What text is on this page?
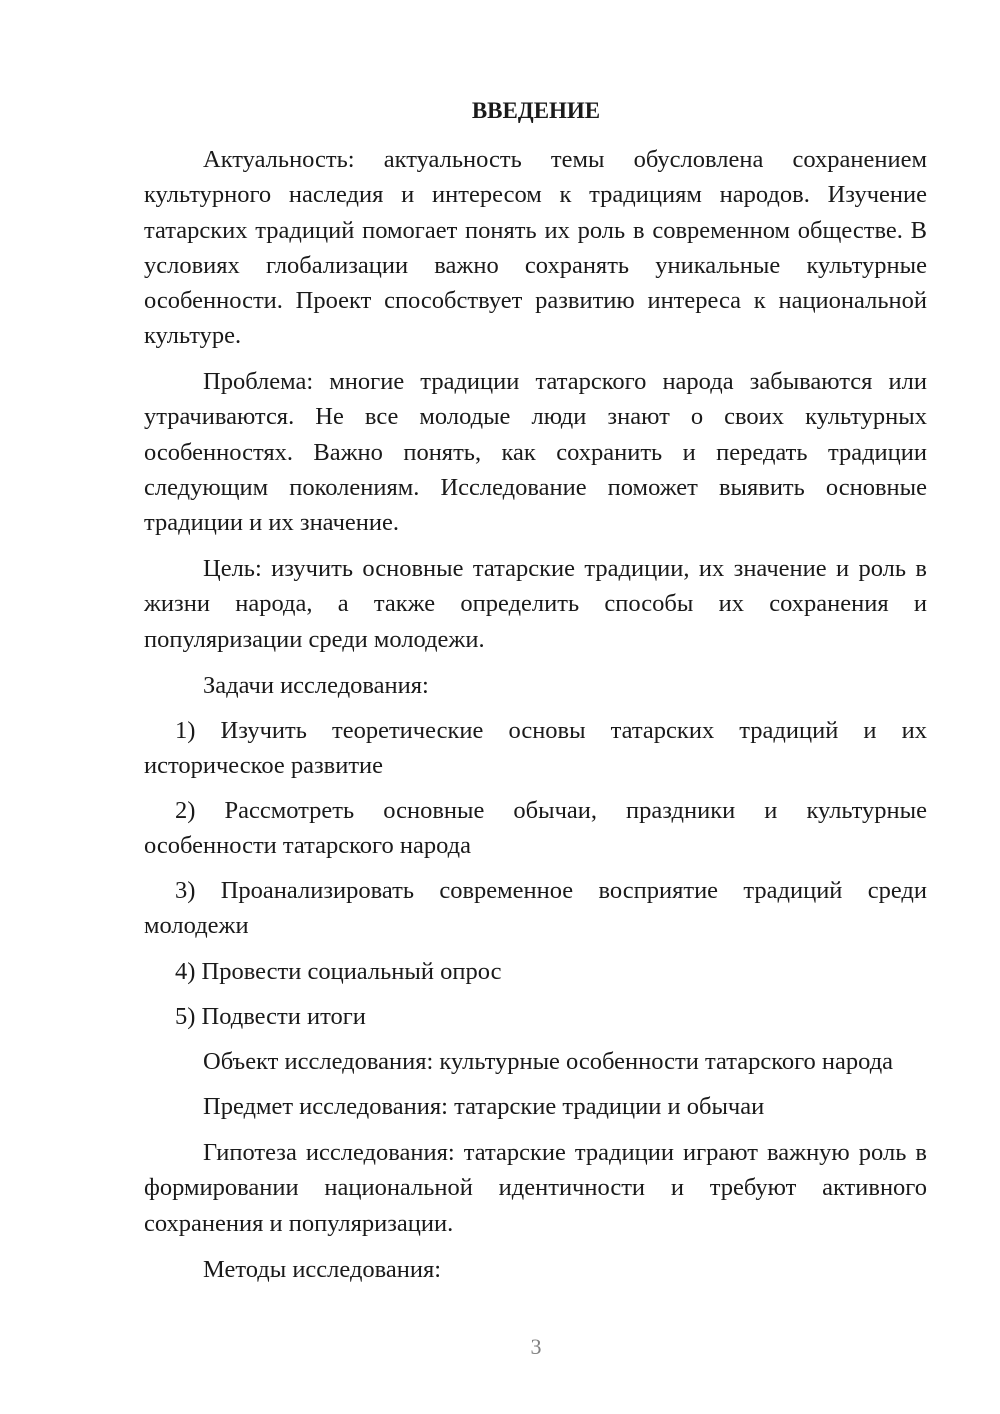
ВВЕДЕНИЕ

Актуальность: актуальность темы обусловлена сохранением культурного наследия и интересом к традициям народов. Изучение татарских традиций помогает понять их роль в современном обществе. В условиях глобализации важно сохранять уникальные культурные особенности. Проект способствует развитию интереса к национальной культуре.

Проблема: многие традиции татарского народа забываются или утрачиваются. Не все молодые люди знают о своих культурных особенностях. Важно понять, как сохранить и передать традиции следующим поколениям. Исследование поможет выявить основные традиции и их значение.

Цель: изучить основные татарские традиции, их значение и роль в жизни народа, а также определить способы их сохранения и популяризации среди молодежи.

Задачи исследования:

1) Изучить теоретические основы татарских традиций и их историческое развитие

2) Рассмотреть основные обычаи, праздники и культурные особенности татарского народа

3) Проанализировать современное восприятие традиций среди молодежи

4) Провести социальный опрос

5) Подвести итоги

Объект исследования: культурные особенности татарского народа

Предмет исследования: татарские традиции и обычаи

Гипотеза исследования: татарские традиции играют важную роль в формировании национальной идентичности и требуют активного сохранения и популяризации.

Методы исследования:

3
